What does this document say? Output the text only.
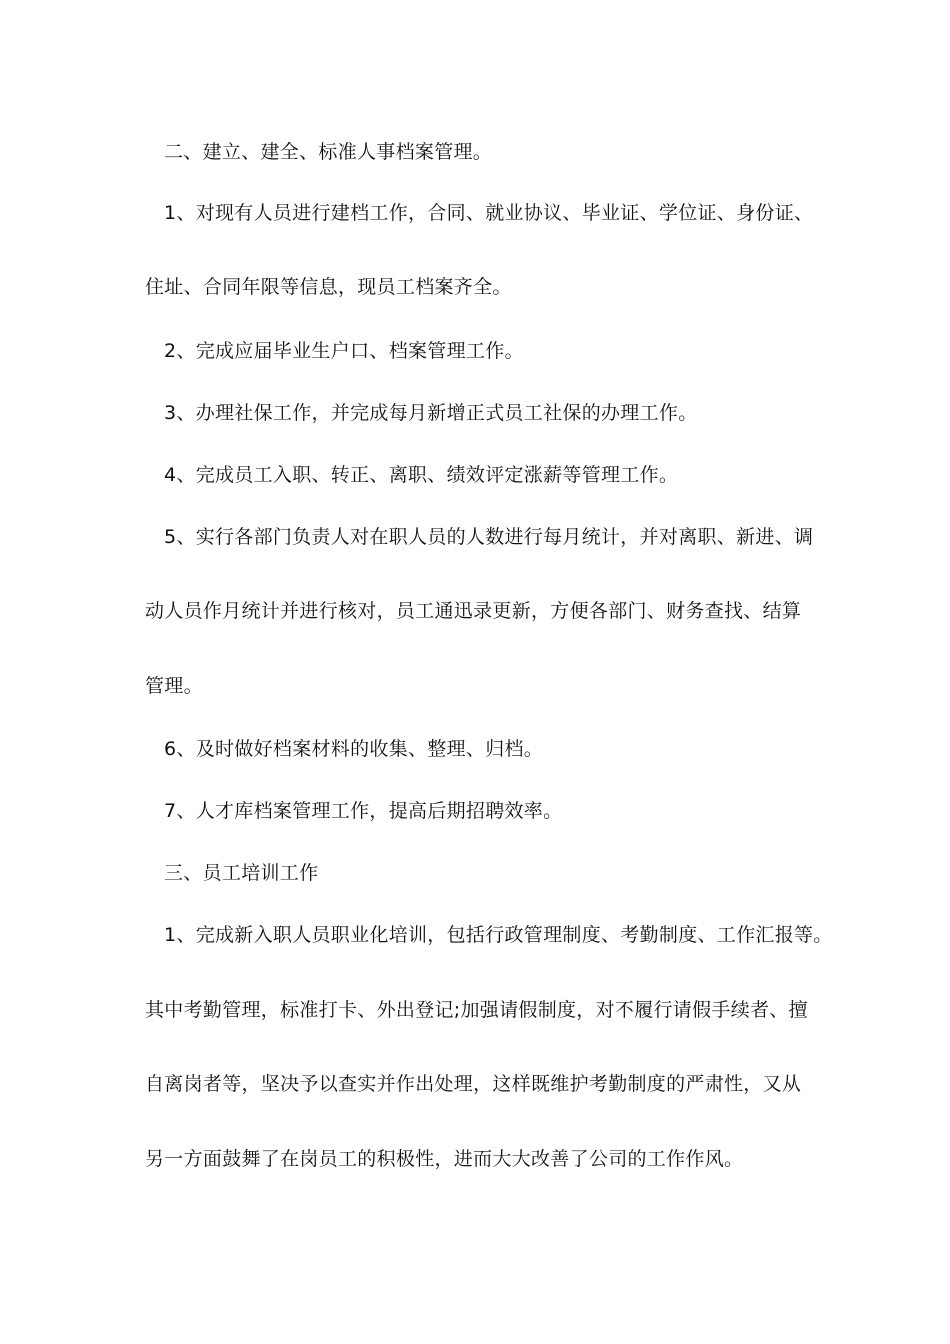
二、建立、建全、标准人事档案管理。
1、对现有人员进行建档工作，合同、就业协议、毕业证、学位证、身份证、
住址、合同年限等信息，现员工档案齐全。
2、完成应届毕业生户口、档案管理工作。
3、办理社保工作，并完成每月新增正式员工社保的办理工作。
4、完成员工入职、转正、离职、绩效评定涨薪等管理工作。
5、实行各部门负责人对在职人员的人数进行每月统计，并对离职、新进、调
动人员作月统计并进行核对，员工通迅录更新，方便各部门、财务查找、结算
管理。
6、及时做好档案材料的收集、整理、归档。
7、人才库档案管理工作，提高后期招聘效率。
三、员工培训工作
1、完成新入职人员职业化培训，包括行政管理制度、考勤制度、工作汇报等。
其中考勤管理，标准打卡、外出登记;加强请假制度，对不履行请假手续者、擅
自离岗者等，坚决予以查实并作出处理，这样既维护考勤制度的严肃性，又从
另一方面鼓舞了在岗员工的积极性，进而大大改善了公司的工作作风。
